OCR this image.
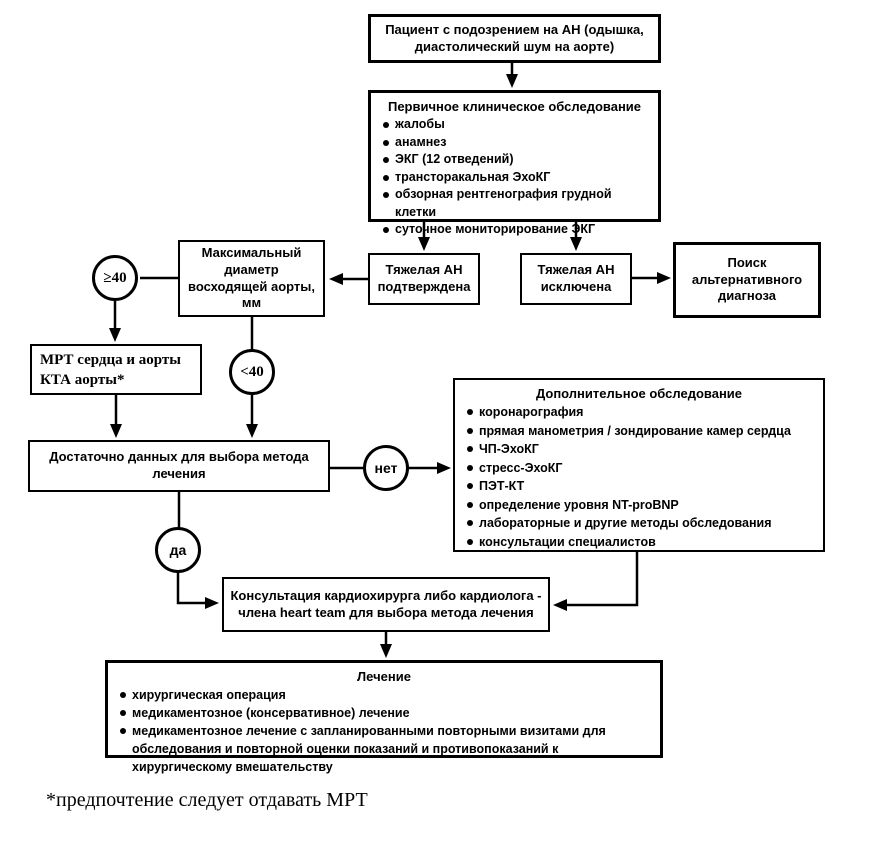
Пациент с подозрением на АН (одышка, диастолический шум на аорте)
Первичное клиническое обследование
жалобы
анамнез
ЭКГ (12 отведений)
трансторакальная ЭхоКГ
обзорная рентгенография грудной клетки
суточное мониторирование ЭКГ
Тяжелая АН подтверждена
Тяжелая АН исключена
Поиск альтернативного диагноза
Максимальный диаметр восходящей аорты, мм
≥40
<40
МРТ сердца и аорты
КТА аорты*
Достаточно данных для выбора метода лечения	нет
Дополнительное обследование
коронарография
прямая манометрия / зондирование камер сердца
ЧП-ЭхоКГ
стресс-ЭхоКГ
ПЭТ-КТ
определение уровня NT-proBNP
лабораторные и другие методы обследования
консультации специалистов
да
Консультация кардиохирурга либо кардиолога - члена heart team для выбора метода лечения
Лечение
хирургическая операция
медикаментозное (консервативное) лечение
медикаментозное лечение с запланированными повторными визитами для обследования и повторной оценки показаний и противопоказаний к хирургическому вмешательству
*предпочтение следует отдавать МРТ
